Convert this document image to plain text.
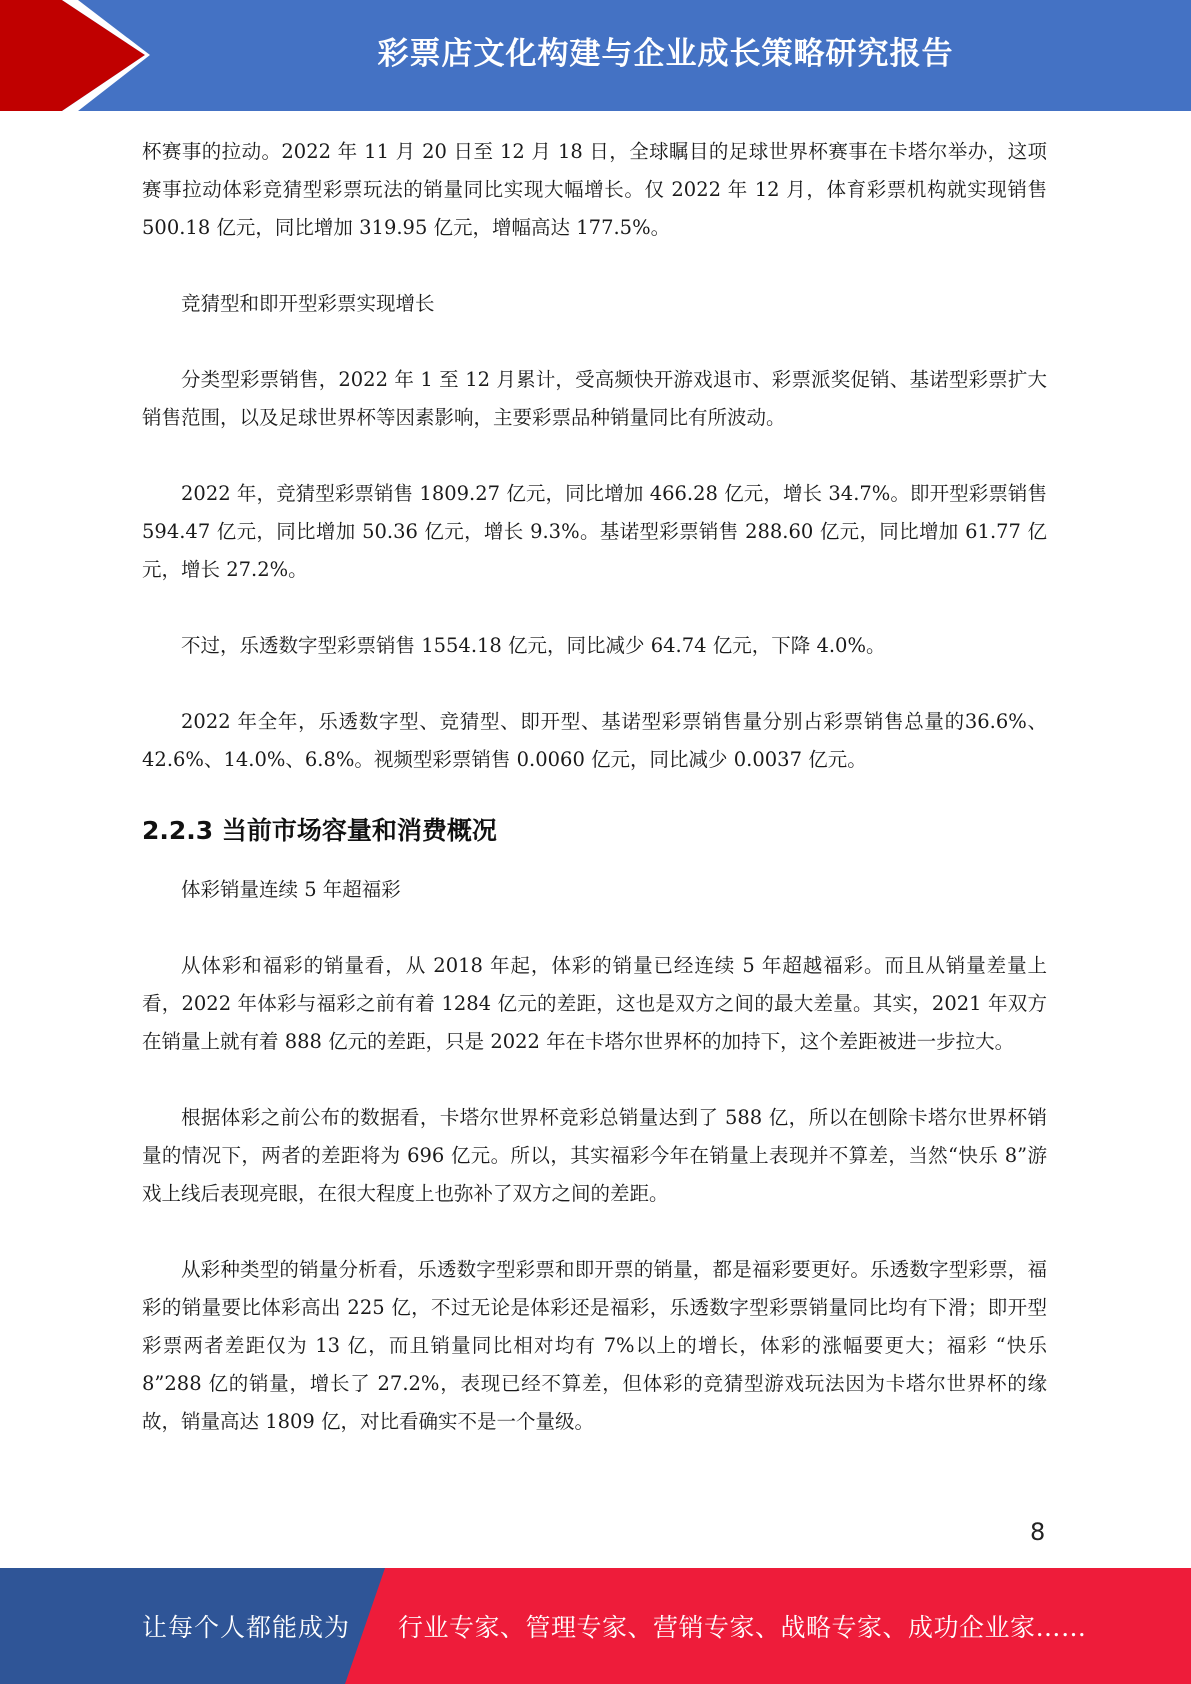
彩票店文化构建与企业成长策略研究报告

杯赛事的拉动。2022 年 11 月 20 日至 12 月 18 日，全球瞩目的足球世界杯赛事在卡塔尔举办，这项赛事拉动体彩竞猜型彩票玩法的销量同比实现大幅增长。仅 2022 年 12 月，体育彩票机构就实现销售 500.18 亿元，同比增加 319.95 亿元，增幅高达 177.5%。

竞猜型和即开型彩票实现增长

分类型彩票销售，2022 年 1 至 12 月累计，受高频快开游戏退市、彩票派奖促销、基诺型彩票扩大销售范围，以及足球世界杯等因素影响，主要彩票品种销量同比有所波动。

2022 年，竞猜型彩票销售 1809.27 亿元，同比增加 466.28 亿元，增长 34.7%。即开型彩票销售 594.47 亿元，同比增加 50.36 亿元，增长 9.3%。基诺型彩票销售 288.60 亿元，同比增加 61.77 亿元，增长 27.2%。

不过，乐透数字型彩票销售 1554.18 亿元，同比减少 64.74 亿元，下降 4.0%。

2022 年全年，乐透数字型、竞猜型、即开型、基诺型彩票销售量分别占彩票销售总量的36.6%、42.6%、14.0%、6.8%。视频型彩票销售 0.0060 亿元，同比减少 0.0037 亿元。

2.2.3 当前市场容量和消费概况

体彩销量连续 5 年超福彩

从体彩和福彩的销量看，从 2018 年起，体彩的销量已经连续 5 年超越福彩。而且从销量差量上看，2022 年体彩与福彩之前有着 1284 亿元的差距，这也是双方之间的最大差量。其实，2021 年双方在销量上就有着 888 亿元的差距，只是 2022 年在卡塔尔世界杯的加持下，这个差距被进一步拉大。

根据体彩之前公布的数据看，卡塔尔世界杯竞彩总销量达到了 588 亿，所以在刨除卡塔尔世界杯销量的情况下，两者的差距将为 696 亿元。所以，其实福彩今年在销量上表现并不算差，当然“快乐 8”游戏上线后表现亮眼，在很大程度上也弥补了双方之间的差距。

从彩种类型的销量分析看，乐透数字型彩票和即开票的销量，都是福彩要更好。乐透数字型彩票，福彩的销量要比体彩高出 225 亿，不过无论是体彩还是福彩，乐透数字型彩票销量同比均有下滑；即开型彩票两者差距仅为 13 亿，而且销量同比相对均有 7%以上的增长，体彩的涨幅要更大；福彩 “快乐 8”288 亿的销量，增长了 27.2%，表现已经不算差，但体彩的竞猜型游戏玩法因为卡塔尔世界杯的缘故，销量高达 1809 亿，对比看确实不是一个量级。

8
让每个人都能成为 行业专家、管理专家、营销专家、战略专家、成功企业家……
